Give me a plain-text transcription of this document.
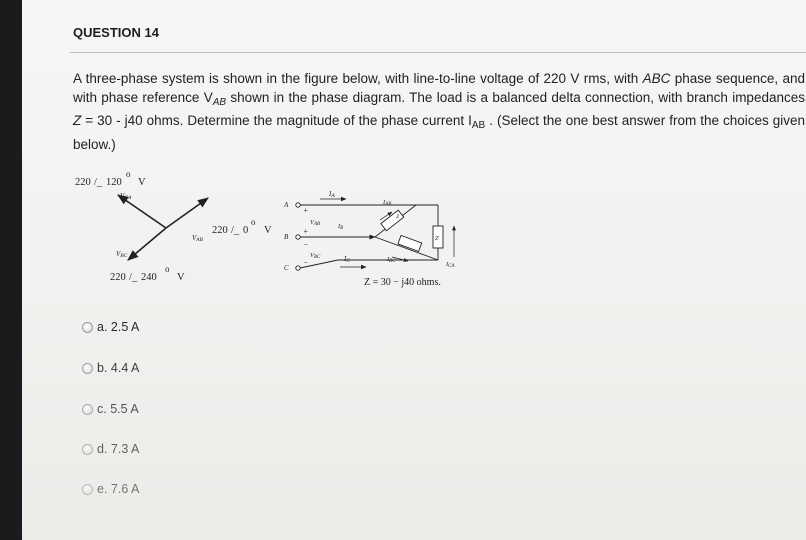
QUESTION 14
A three-phase system is shown in the figure below, with line-to-line voltage of 220 V rms, with ABC phase sequence, and with phase reference $V_{AB}$ shown in the phase diagram. The load is a balanced delta connection, with branch impedances Z = 30 - j40 ohms. Determine the magnitude of the phase current $I_{AB}$ . (Select the one best answer from the choices given below.)
220 /_ 120
o
V
VCA
220 /_ 0
o
V
VAB
VBC
220 /_ 240
o
V
A
+
IA
VAB	IB
B
+
−
VBC	IC
C
−
Z
IAB
IBC
Z
ICA
Z = 30 − j40 ohms.
a. 2.5 A
b. 4.4 A
c. 5.5 A
d. 7.3 A
e. 7.6 A
